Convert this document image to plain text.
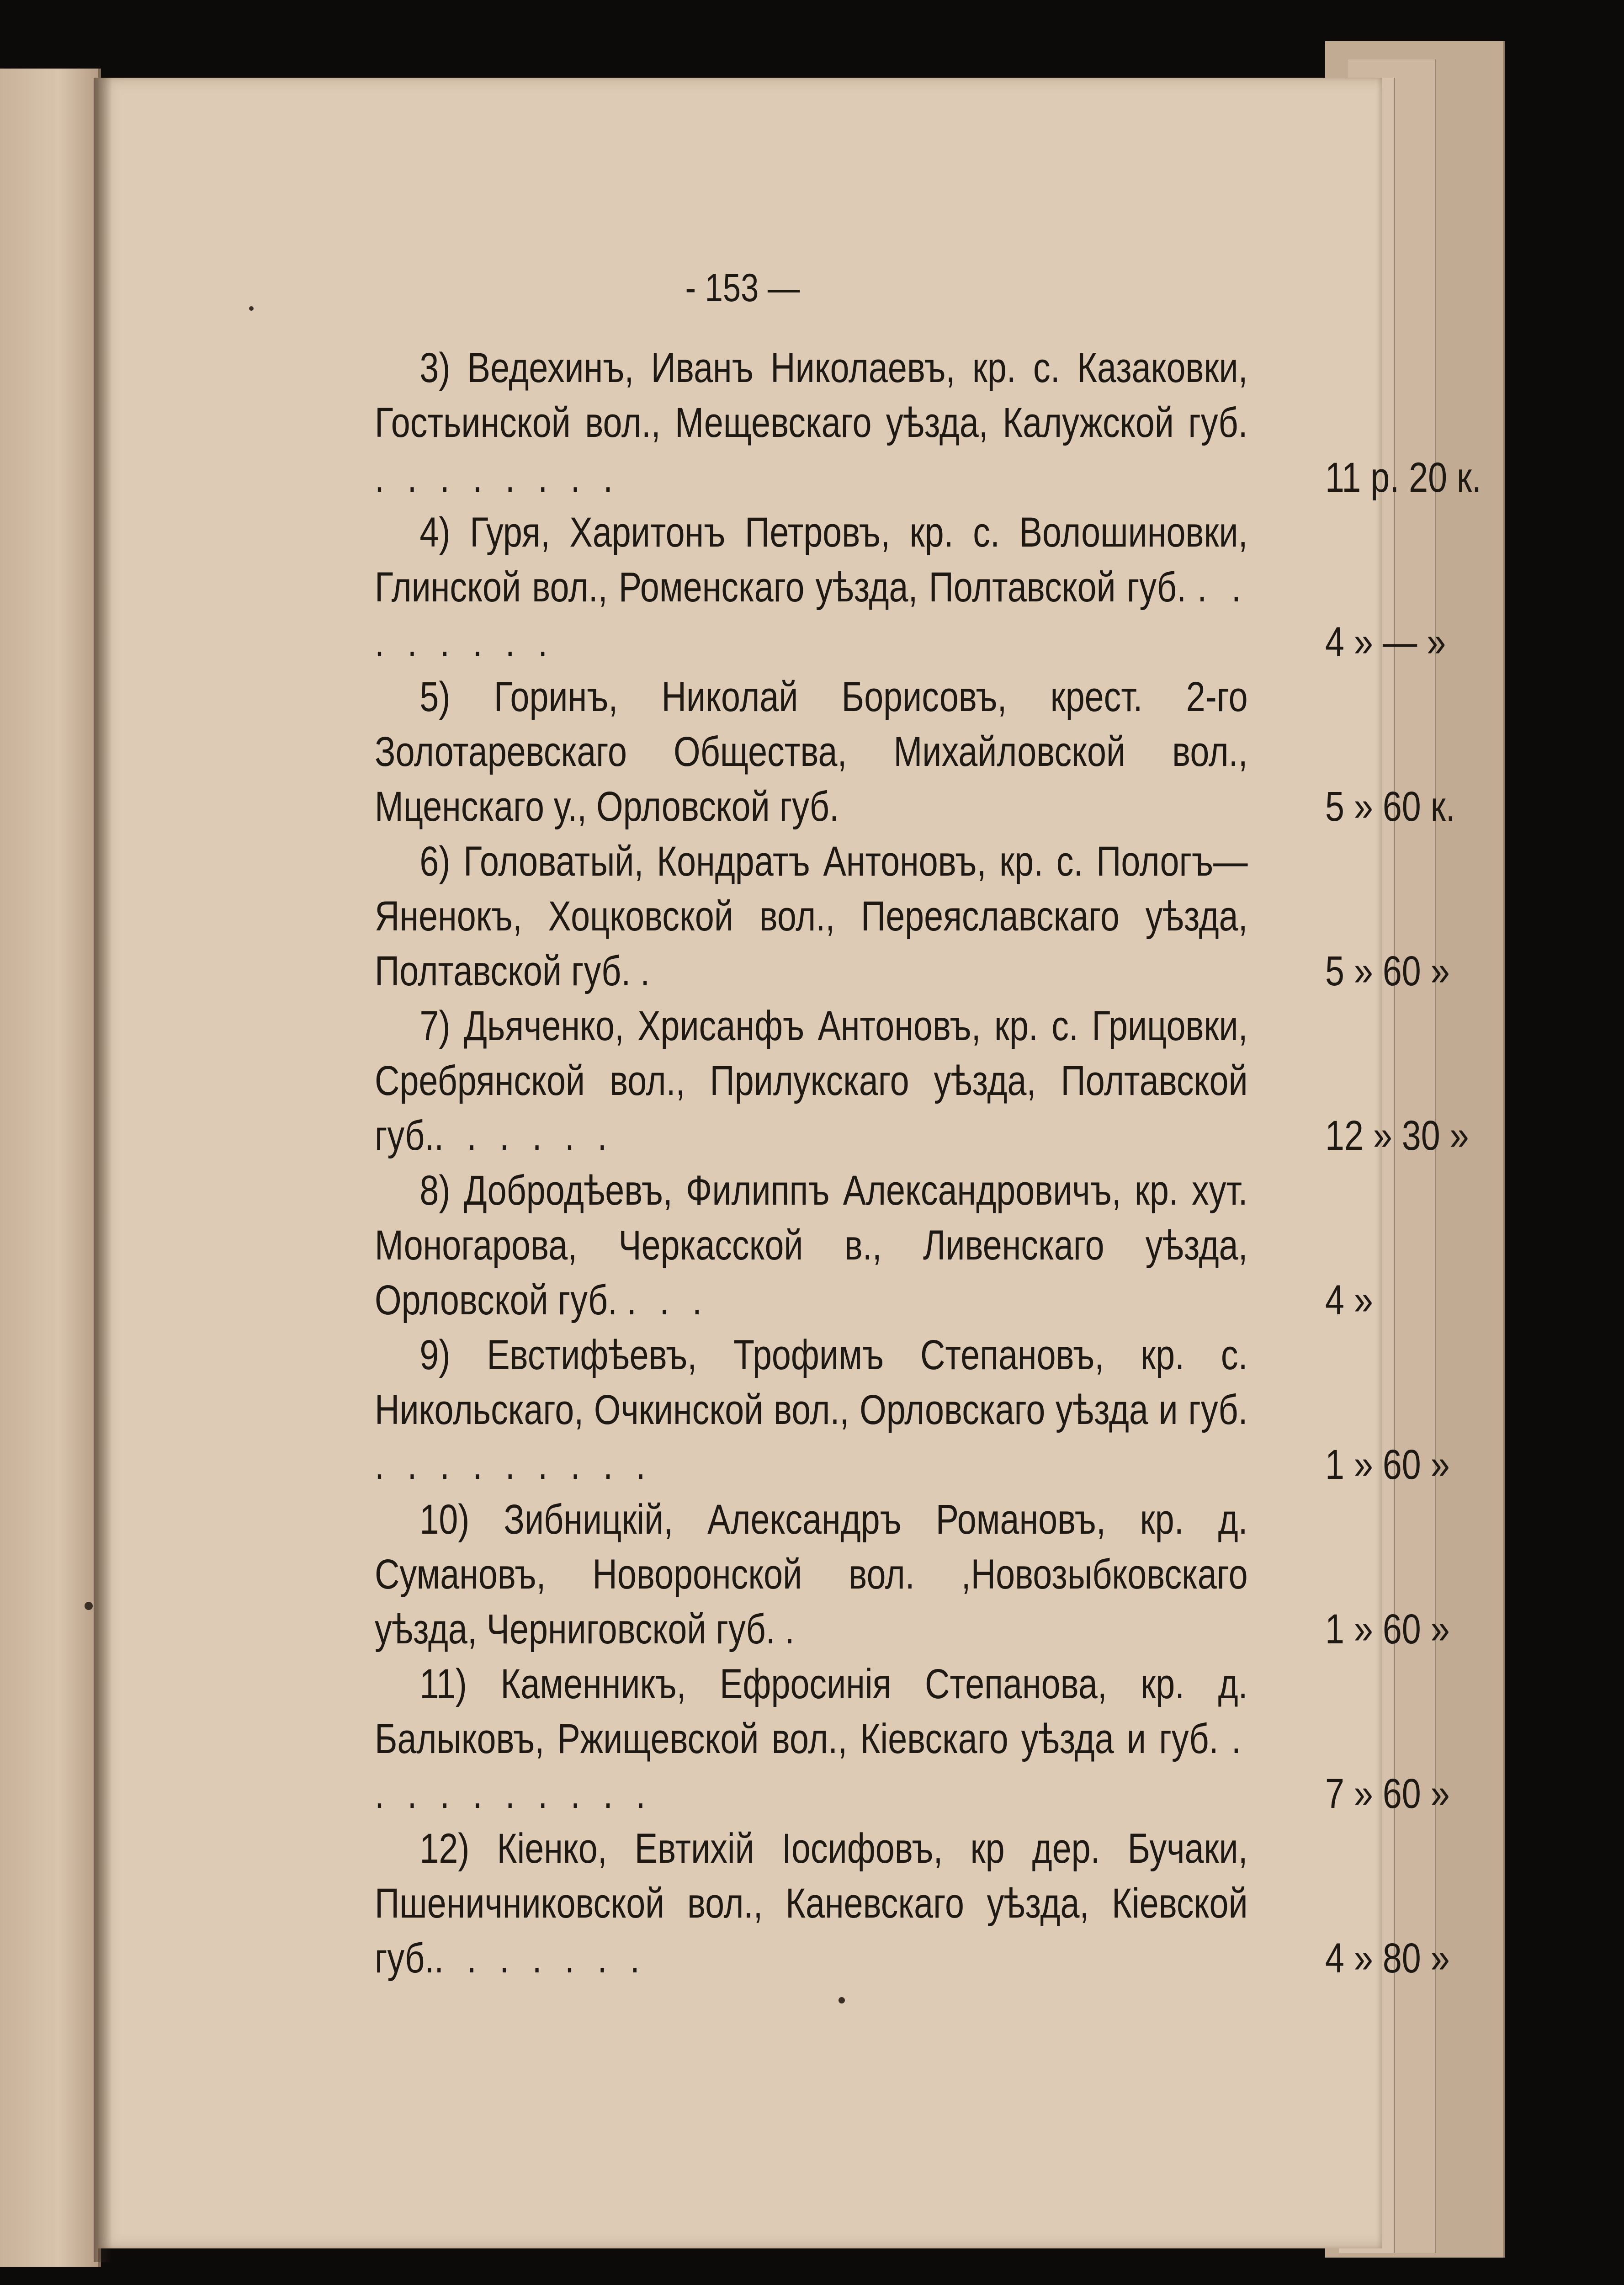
- 153 —

3) Ведехинъ, Иванъ Николаевъ, кр. с. Казаковки, Гостьинской вол., Мещевскаго уѣзда, Калужской губ. . . . . . . . .	11 р. 20 к.

4) Гуря, Харитонъ Петровъ, кр. с. Волошиновки, Глинской вол., Роменскаго уѣзда, Полтавской губ. . . . . . . . .	4 » — »

5) Горинъ, Николай Борисовъ, крест. 2-го Золотаревскаго Общества, Михайловской вол., Мценскаго у., Орловской губ.	5 » 60 к.

6) Головатый, Кондратъ Антоновъ, кр. с. Пологъ—Яненокъ, Хоцковской вол., Переяславскаго уѣзда, Полтавской губ. .	5 » 60 »

7) Дьяченко, Хрисанфъ Антоновъ, кр. с. Грицовки, Сребрянской вол., Прилукскаго уѣзда, Полтавской губ.. . . . . .	12 » 30 »

8) Добродѣевъ, Филиппъ Александровичъ, кр. хут. Моногарова, Черкасской в., Ливенскаго уѣзда, Орловской губ. . . .	4 »

9) Евстифѣевъ, Трофимъ Степановъ, кр. с. Никольскаго, Очкинской вол., Орловскаго уѣзда и губ. . . . . . . . . .	1 » 60 »

10) Зибницкій, Александръ Романовъ, кр. д. Сумановъ, Новоронской вол. ,Новозыбковскаго уѣзда, Черниговской губ. .	1 » 60 »

11) Каменникъ, Ефросинія Степанова, кр. д. Балыковъ, Ржищевской вол., Кіевскаго уѣзда и губ. . . . . . . . . . .	7 » 60 »

12) Кіенко, Евтихій Іосифовъ, кр дер. Бучаки, Пшеничниковской вол., Каневскаго уѣзда, Кіевской губ.. . . . . . .	4 » 80 »
